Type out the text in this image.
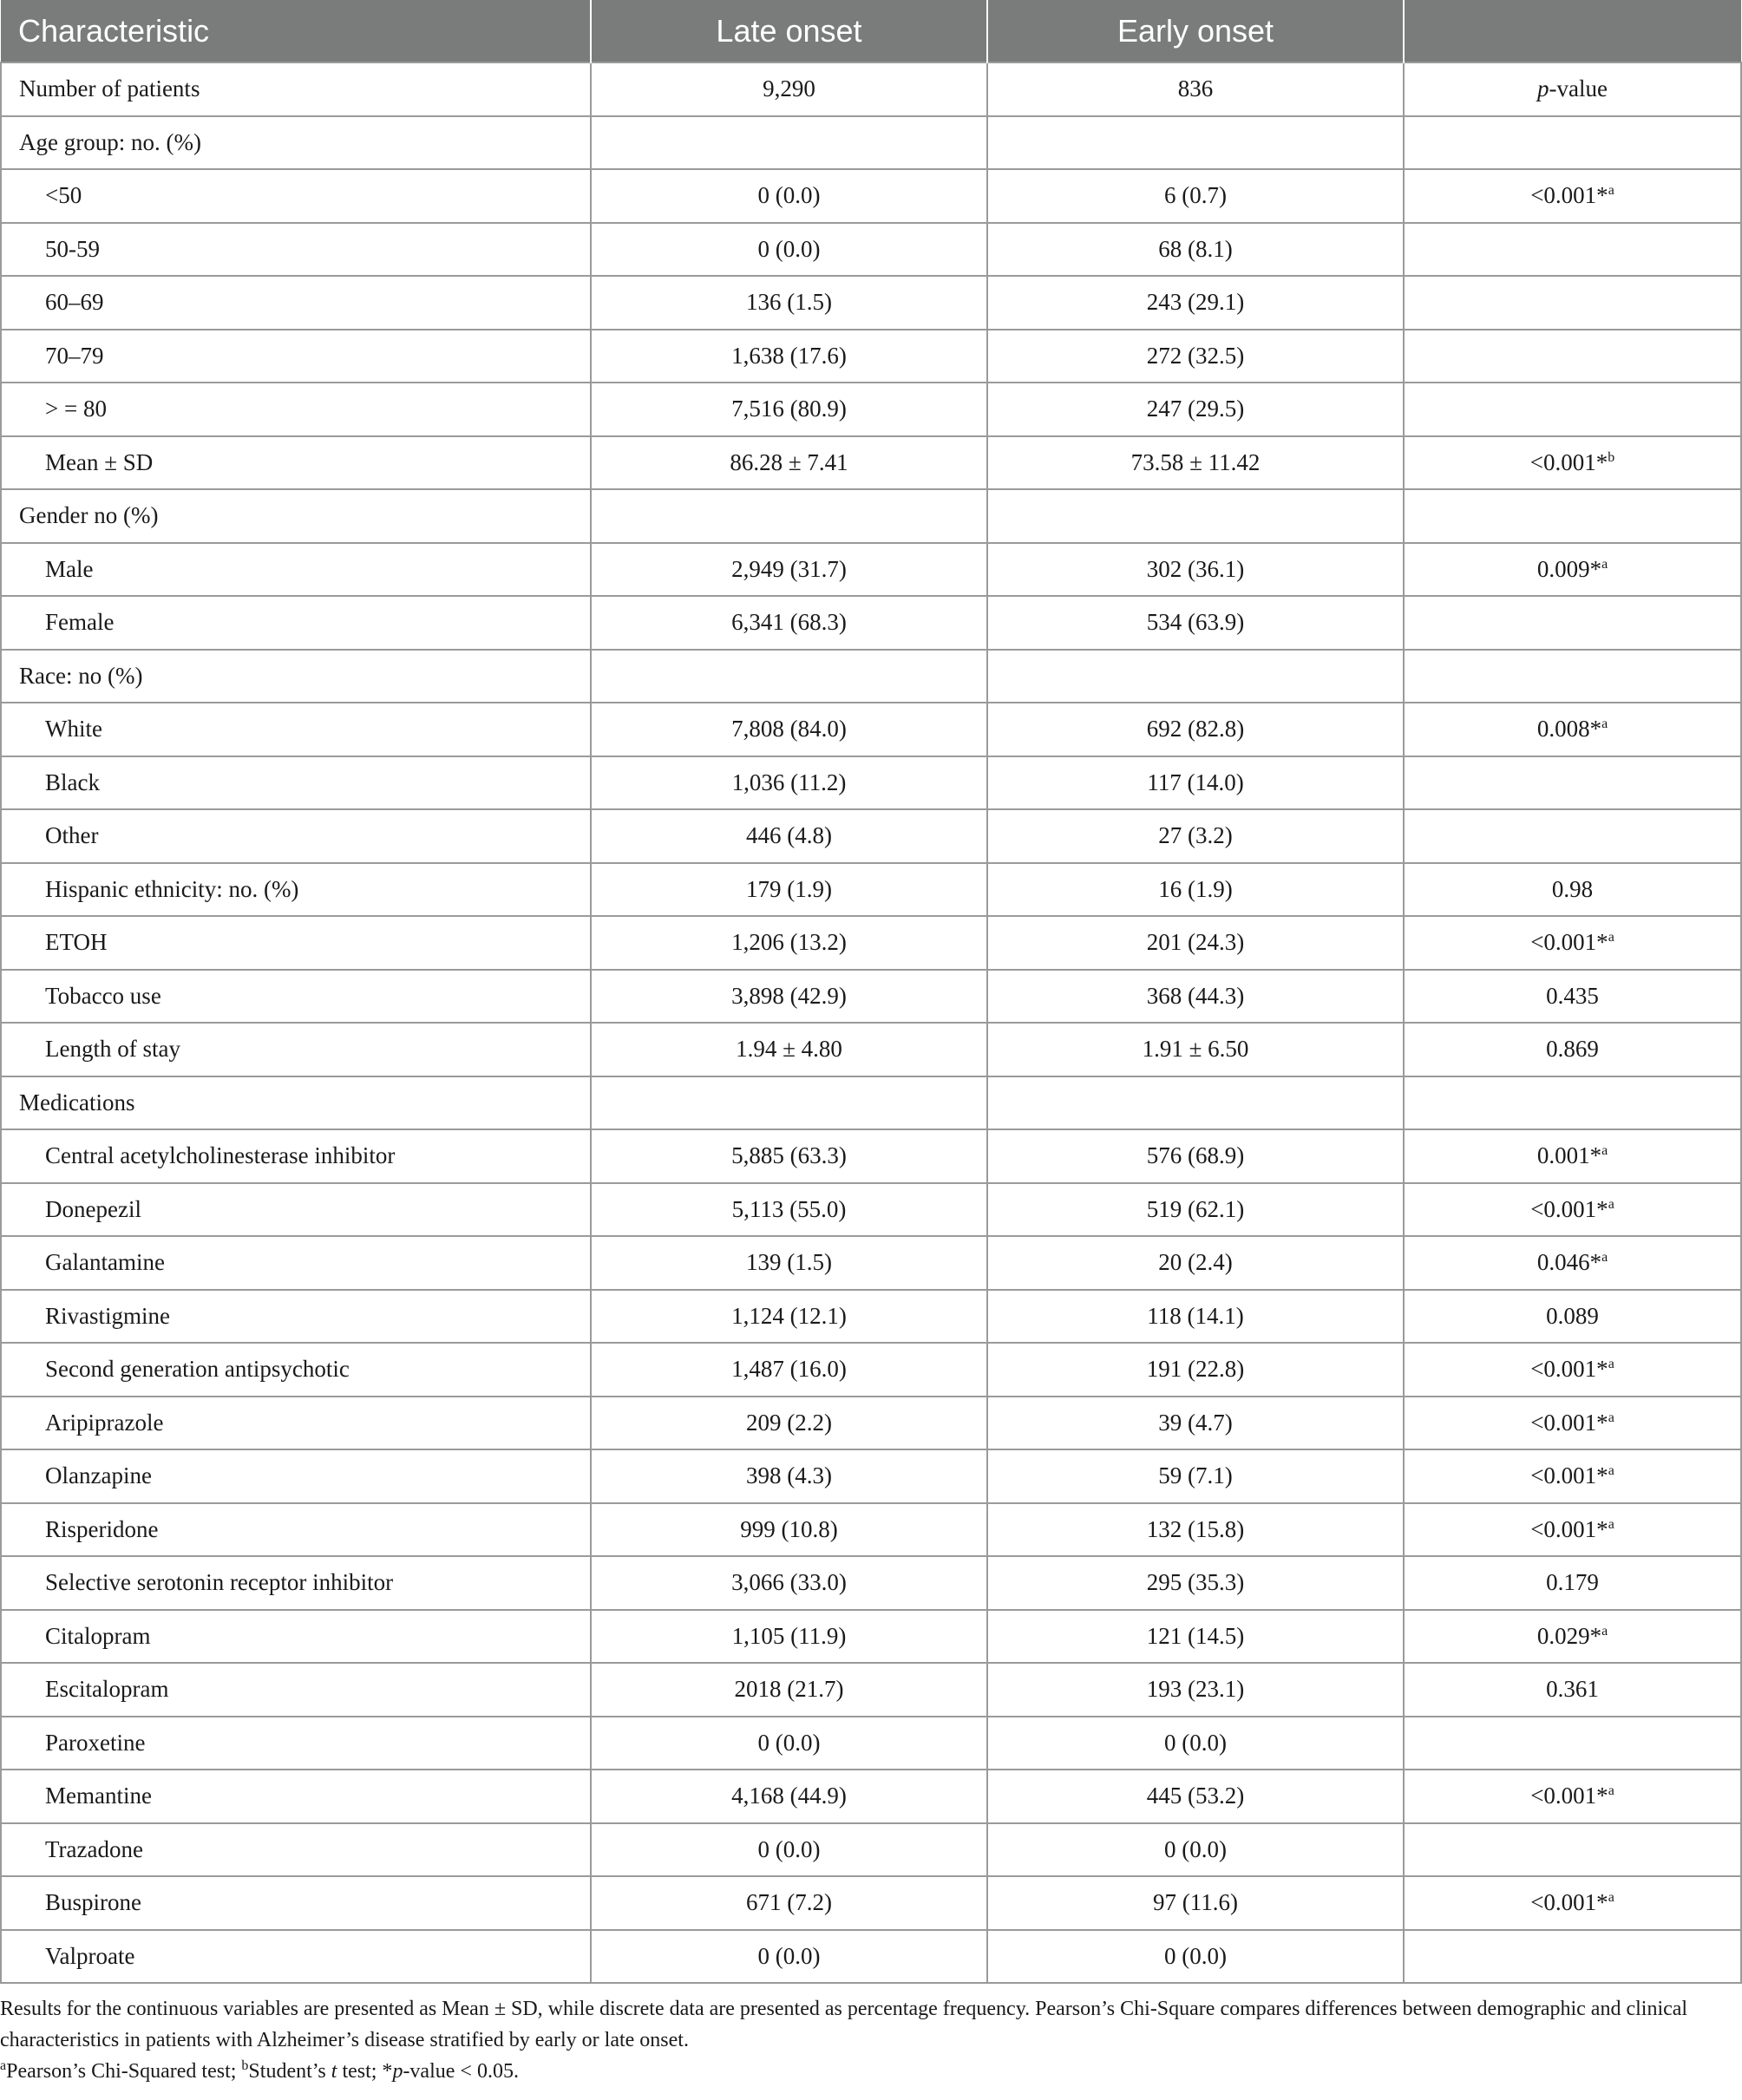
Characteristic	Late onset	Early onset	
Number of patients	9,290	836	p-value
Age group: no. (%)			
<50	0 (0.0)	6 (0.7)	<0.001*$^a$
50-59	0 (0.0)	68 (8.1)	
60–69	136 (1.5)	243 (29.1)	
70–79	1,638 (17.6)	272 (32.5)	
> = 80	7,516 (80.9)	247 (29.5)	
Mean ± SD	86.28 ± 7.41	73.58 ± 11.42	<0.001*$^b$
Gender no (%)			
Male	2,949 (31.7)	302 (36.1)	0.009*$^a$
Female	6,341 (68.3)	534 (63.9)	
Race: no (%)			
White	7,808 (84.0)	692 (82.8)	0.008*$^a$
Black	1,036 (11.2)	117 (14.0)	
Other	446 (4.8)	27 (3.2)	
Hispanic ethnicity: no. (%)	179 (1.9)	16 (1.9)	0.98
ETOH	1,206 (13.2)	201 (24.3)	<0.001*$^a$
Tobacco use	3,898 (42.9)	368 (44.3)	0.435
Length of stay	1.94 ± 4.80	1.91 ± 6.50	0.869
Medications			
Central acetylcholinesterase inhibitor	5,885 (63.3)	576 (68.9)	0.001*$^a$
Donepezil	5,113 (55.0)	519 (62.1)	<0.001*$^a$
Galantamine	139 (1.5)	20 (2.4)	0.046*$^a$
Rivastigmine	1,124 (12.1)	118 (14.1)	0.089
Second generation antipsychotic	1,487 (16.0)	191 (22.8)	<0.001*$^a$
Aripiprazole	209 (2.2)	39 (4.7)	<0.001*$^a$
Olanzapine	398 (4.3)	59 (7.1)	<0.001*$^a$
Risperidone	999 (10.8)	132 (15.8)	<0.001*$^a$
Selective serotonin receptor inhibitor	3,066 (33.0)	295 (35.3)	0.179
Citalopram	1,105 (11.9)	121 (14.5)	0.029*$^a$
Escitalopram	2018 (21.7)	193 (23.1)	0.361
Paroxetine	0 (0.0)	0 (0.0)	
Memantine	4,168 (44.9)	445 (53.2)	<0.001*$^a$
Trazadone	0 (0.0)	0 (0.0)	
Buspirone	671 (7.2)	97 (11.6)	<0.001*$^a$
Valproate	0 (0.0)	0 (0.0)	

Results for the continuous variables are presented as Mean ± SD, while discrete data are presented as percentage frequency. Pearson’s Chi-Square compares differences between demographic and clinical characteristics in patients with Alzheimer’s disease stratified by early or late onset.

$^a$Pearson’s Chi-Squared test; $^b$Student’s t test; *p-value < 0.05.
